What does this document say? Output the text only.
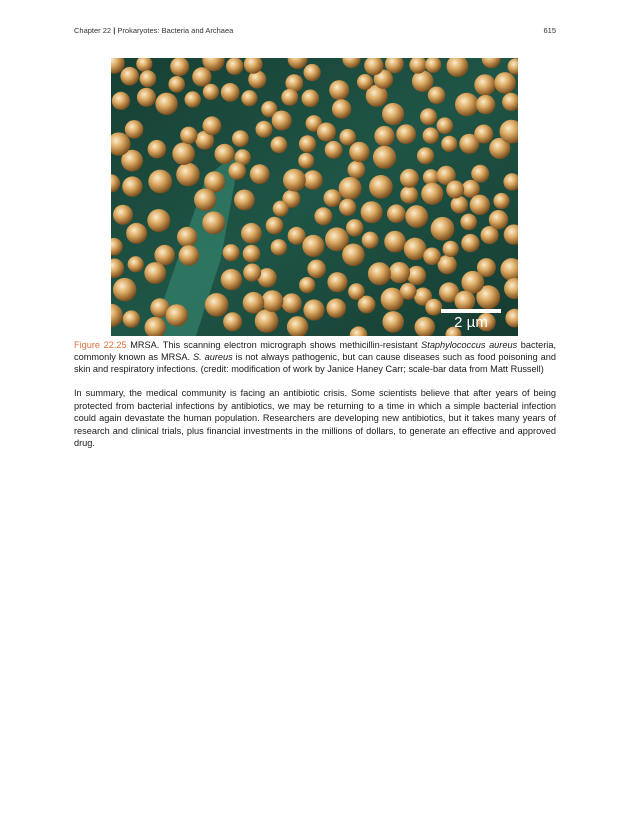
Chapter 22 | Prokaryotes: Bacteria and Archaea	615
2 µm
Figure 22.25 MRSA. This scanning electron micrograph shows methicillin-resistant Staphylococcus aureus bacteria, commonly known as MRSA. S. aureus is not always pathogenic, but can cause diseases such as food poisoning and skin and respiratory infections. (credit: modification of work by Janice Haney Carr; scale-bar data from Matt Russell)
In summary, the medical community is facing an antibiotic crisis. Some scientists believe that after years of being protected from bacterial infections by antibiotics, we may be returning to a time in which a simple bacterial infection could again devastate the human population. Researchers are developing new antibiotics, but it takes many years of research and clinical trials, plus financial investments in the millions of dollars, to generate an effective and approved drug.
